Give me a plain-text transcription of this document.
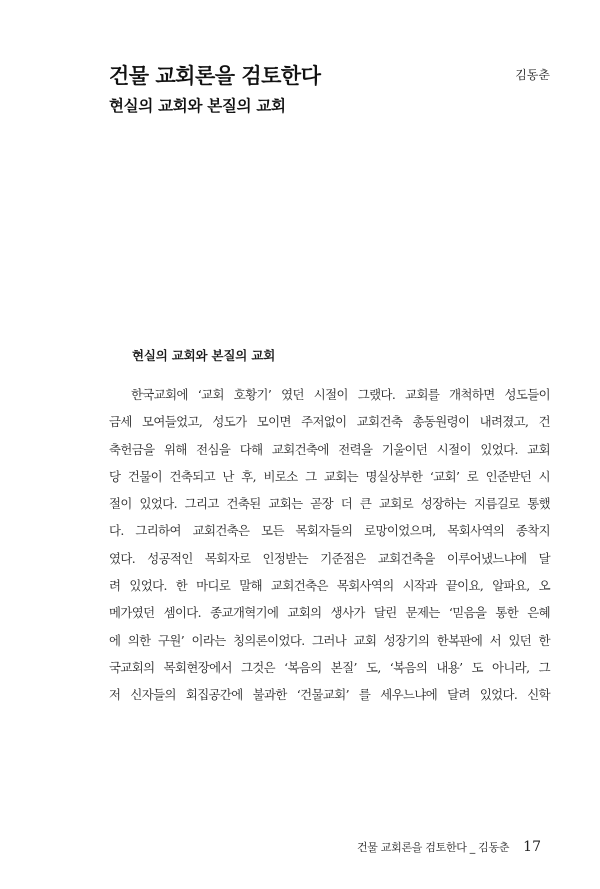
건물 교회론을 검토한다	김동춘
현실의 교회와 본질의 교회
현실의 교회와 본질의 교회
한국교회에 ‘교회 호황기’ 였던 시절이 그랬다. 교회를 개척하면 성도들이
금세 모여들었고, 성도가 모이면 주저없이 교회건축 총동원령이 내려졌고, 건
축헌금을 위해 전심을 다해 교회건축에 전력을 기울이던 시절이 있었다. 교회
당 건물이 건축되고 난 후, 비로소 그 교회는 명실상부한 ‘교회’ 로 인준받던 시
절이 있었다. 그리고 건축된 교회는 곧장 더 큰 교회로 성장하는 지름길로 통했
다. 그리하여 교회건축은 모든 목회자들의 로망이었으며, 목회사역의 종착지
였다. 성공적인 목회자로 인정받는 기준점은 교회건축을 이루어냈느냐에 달
려 있었다. 한 마디로 말해 교회건축은 목회사역의 시작과 끝이요, 알파요, 오
메가였던 셈이다. 종교개혁기에 교회의 생사가 달린 문제는 ‘믿음을 통한 은혜
에 의한 구원’ 이라는 칭의론이었다. 그러나 교회 성장기의 한복판에 서 있던 한
국교회의 목회현장에서 그것은 ‘복음의 본질’ 도, ‘복음의 내용’ 도 아니라, 그
저 신자들의 회집공간에 불과한 ‘건물교회’ 를 세우느냐에 달려 있었다. 신학
건물 교회론을 검토한다 _ 김동춘 17
